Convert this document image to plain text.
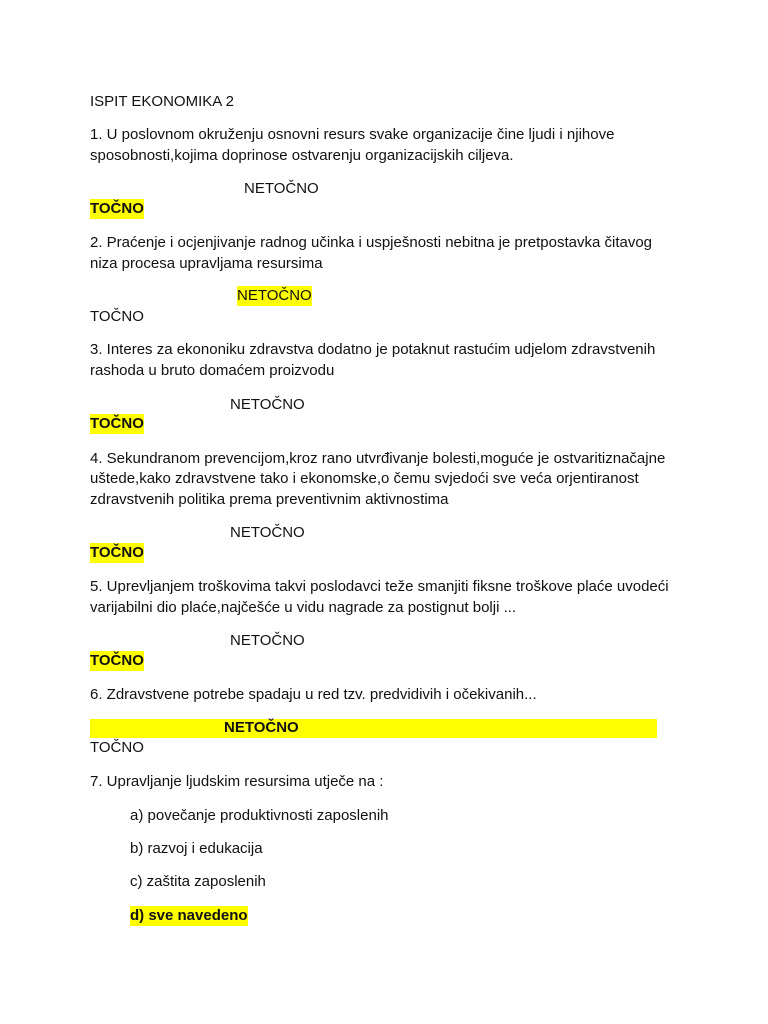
ISPIT EKONOMIKA 2
1. U poslovnom okruženju osnovni resurs svake organizacije čine ljudi i njihove
sposobnosti,kojima doprinose ostvarenju organizacijskih ciljeva.
NETOČNO
TOČNO
2. Praćenje i ocjenjivanje radnog učinka i uspješnosti nebitna je pretpostavka čitavog
niza procesa upravljama resursima
NETOČNO
TOČNO
3. Interes za ekononiku zdravstva dodatno je potaknut rastućim udjelom zdravstvenih
rashoda u bruto domaćem proizvodu
NETOČNO
TOČNO
4. Sekundranom prevencijom,kroz rano utvrđivanje bolesti,moguće je ostvaritiznačajne
uštede,kako zdravstvene tako i ekonomske,o čemu svjedoći sve veća orjentiranost
zdravstvenih politika prema preventivnim aktivnostima
NETOČNO
TOČNO
5. Uprevljanjem troškovima takvi poslodavci teže smanjiti fiksne troškove plaće uvodeći
varijabilni dio plaće,najčešće u vidu nagrade za postignut bolji ...
NETOČNO
TOČNO
6. Zdravstvene potrebe spadaju u red tzv. predvidivih i očekivanih...
NETOČNO
TOČNO
7. Upravljanje ljudskim resursima utječe na :
a) povečanje produktivnosti zaposlenih
b) razvoj i edukacija
c) zaštita zaposlenih
d) sve navedeno
